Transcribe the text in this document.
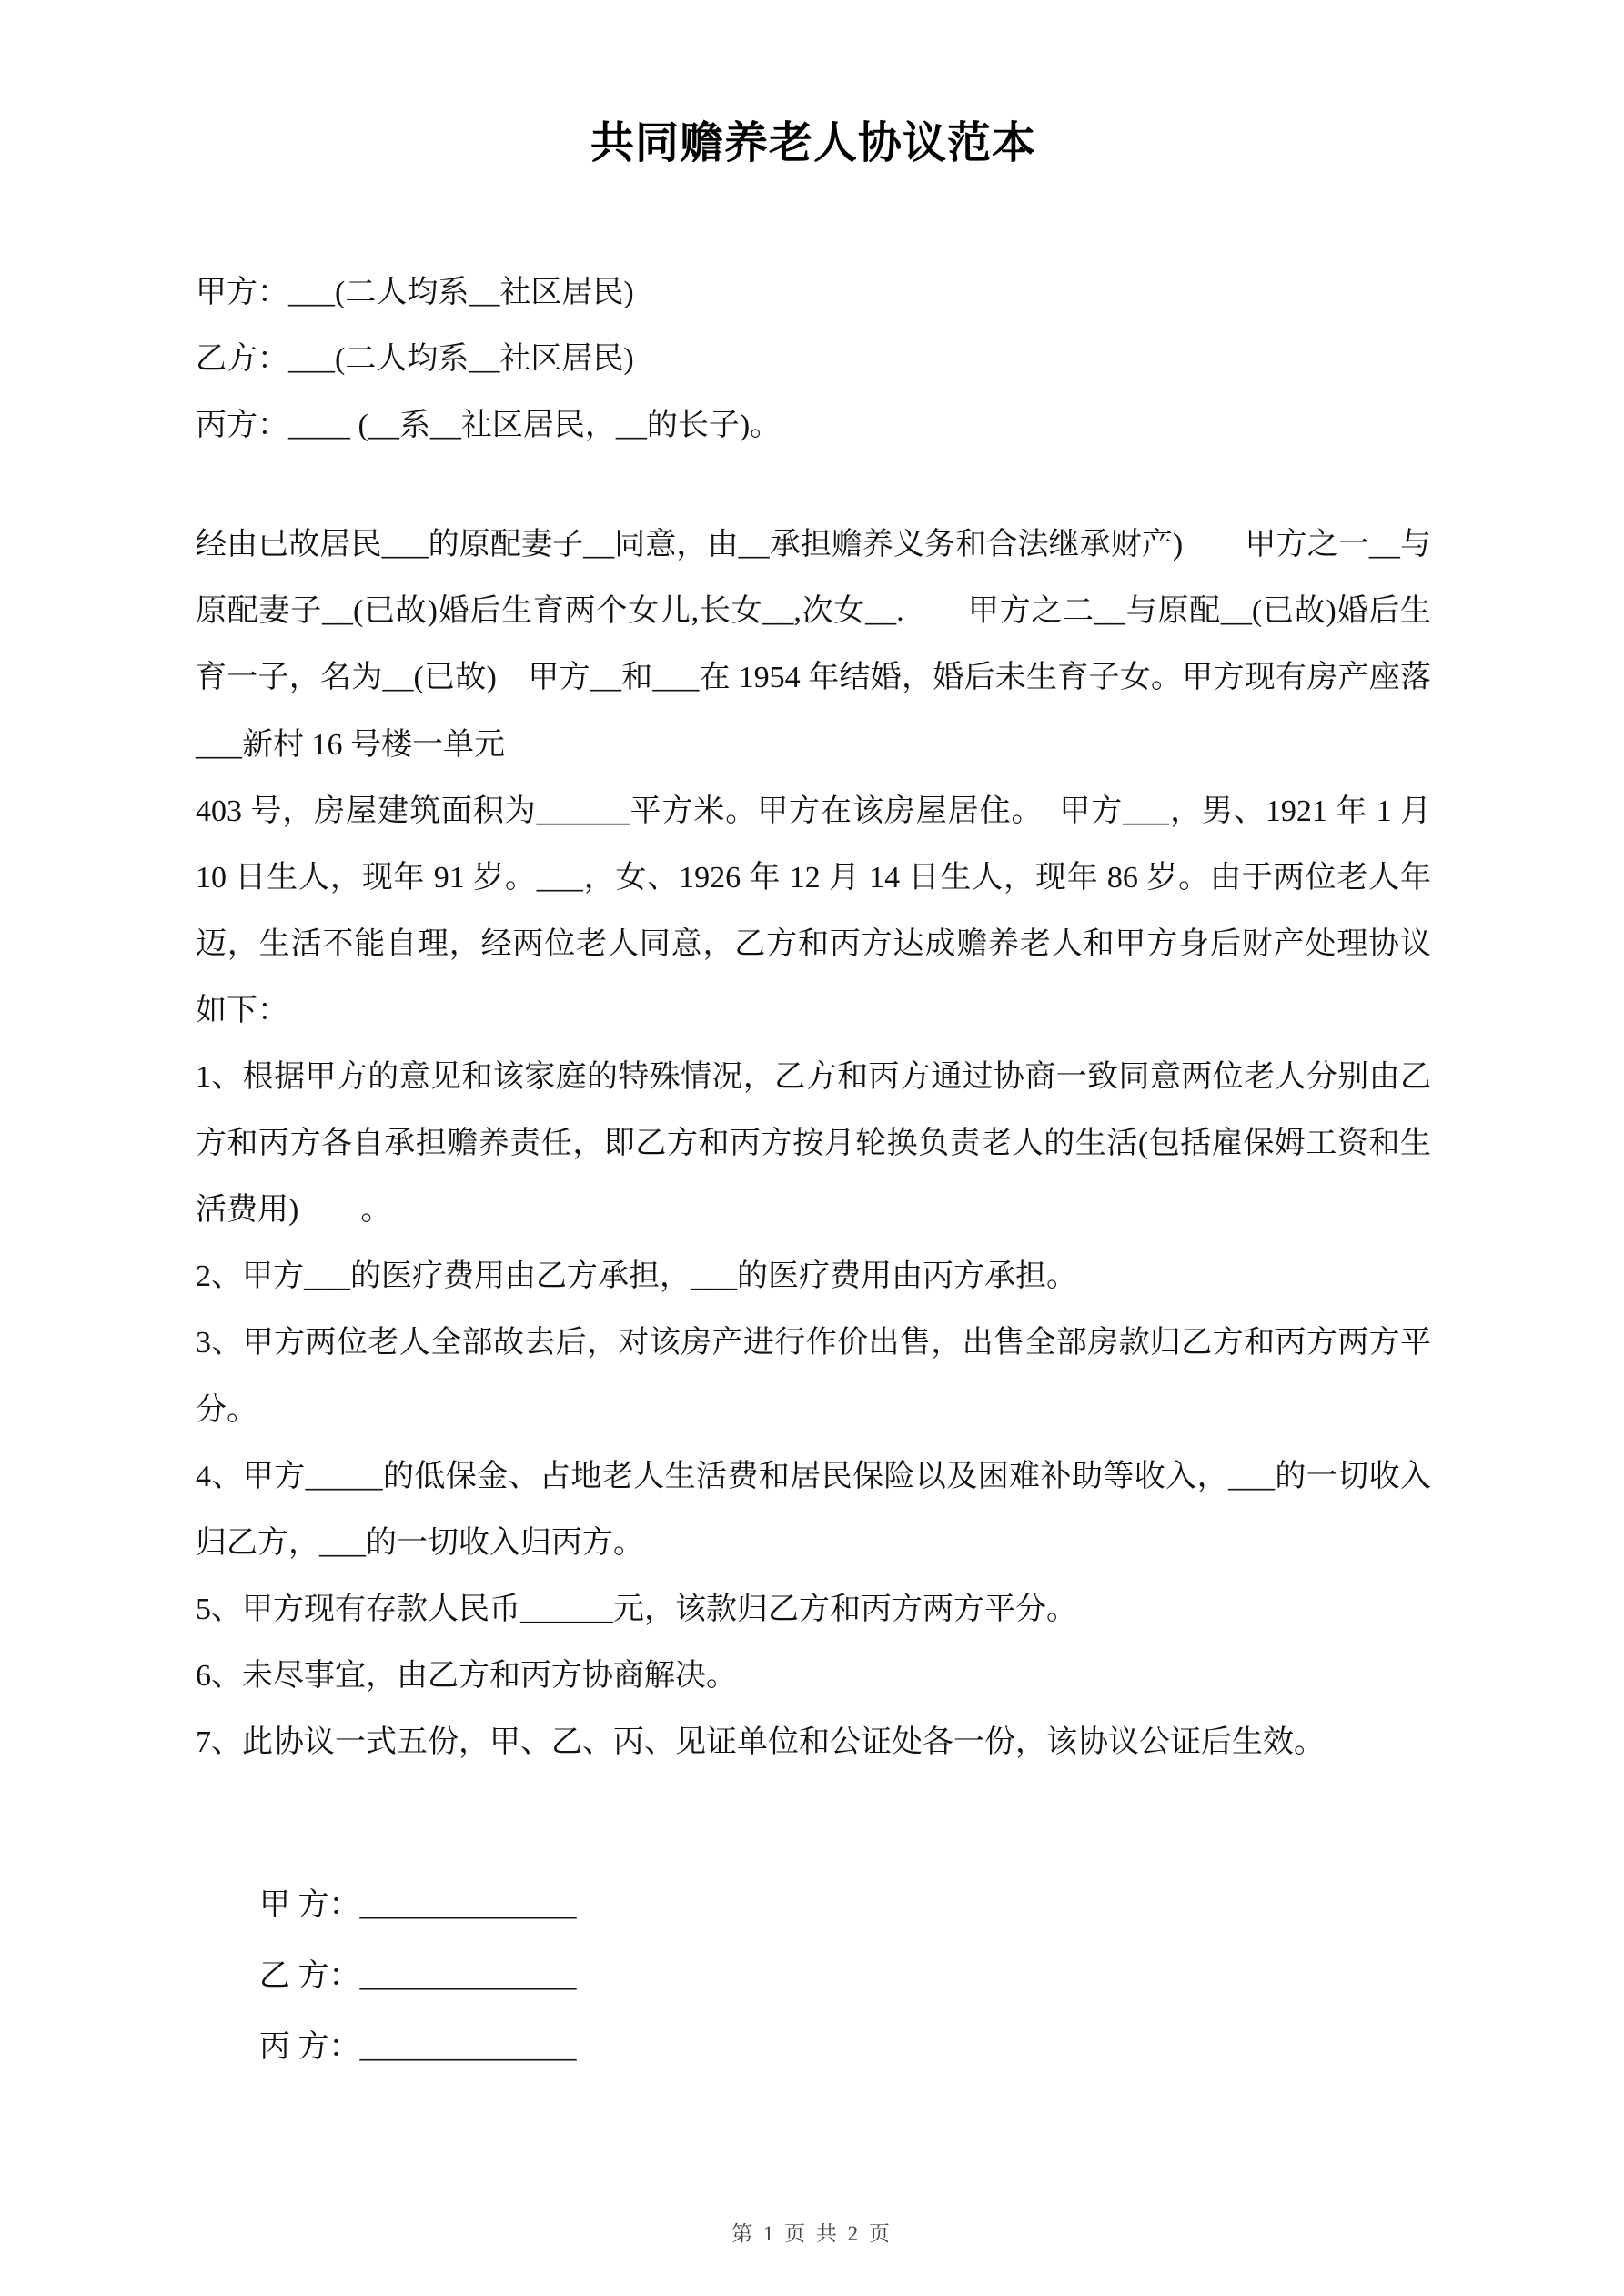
共同赡养老人协议范本

甲方：___(二人均系__社区居民)

乙方：___(二人均系__社区居民)

丙方：____ (__系__社区居民，__的长子)。

经由已故居民___的原配妻子__同意，由__承担赡养义务和合法继承财产)　　甲方之一__与原配妻子__(已故)婚后生育两个女儿,长女__,次女__.　　甲方之二__与原配__(已故)婚后生育一子，名为__(已故)　甲方__和___在 1954 年结婚，婚后未生育子女。甲方现有房产座落___新村 16 号楼一单元

403 号，房屋建筑面积为______平方米。甲方在该房屋居住。　甲方___，男、1921 年 1 月 10 日生人，现年 91 岁。___，女、1926 年 12 月 14 日生人，现年 86 岁。由于两位老人年迈，生活不能自理，经两位老人同意，乙方和丙方达成赡养老人和甲方身后财产处理协议如下：

1、根据甲方的意见和该家庭的特殊情况，乙方和丙方通过协商一致同意两位老人分别由乙方和丙方各自承担赡养责任，即乙方和丙方按月轮换负责老人的生活(包括雇保姆工资和生活费用)　　。

2、甲方___的医疗费用由乙方承担，___的医疗费用由丙方承担。

3、甲方两位老人全部故去后，对该房产进行作价出售，出售全部房款归乙方和丙方两方平分。

4、甲方_____的低保金、占地老人生活费和居民保险以及困难补助等收入，___的一切收入归乙方，___的一切收入归丙方。

5、甲方现有存款人民币______元，该款归乙方和丙方两方平分。

6、未尽事宜，由乙方和丙方协商解决。

7、此协议一式五份，甲、乙、丙、见证单位和公证处各一份，该协议公证后生效。

甲 方：______________

乙 方：______________

丙 方：______________

第 1 页 共 2 页
